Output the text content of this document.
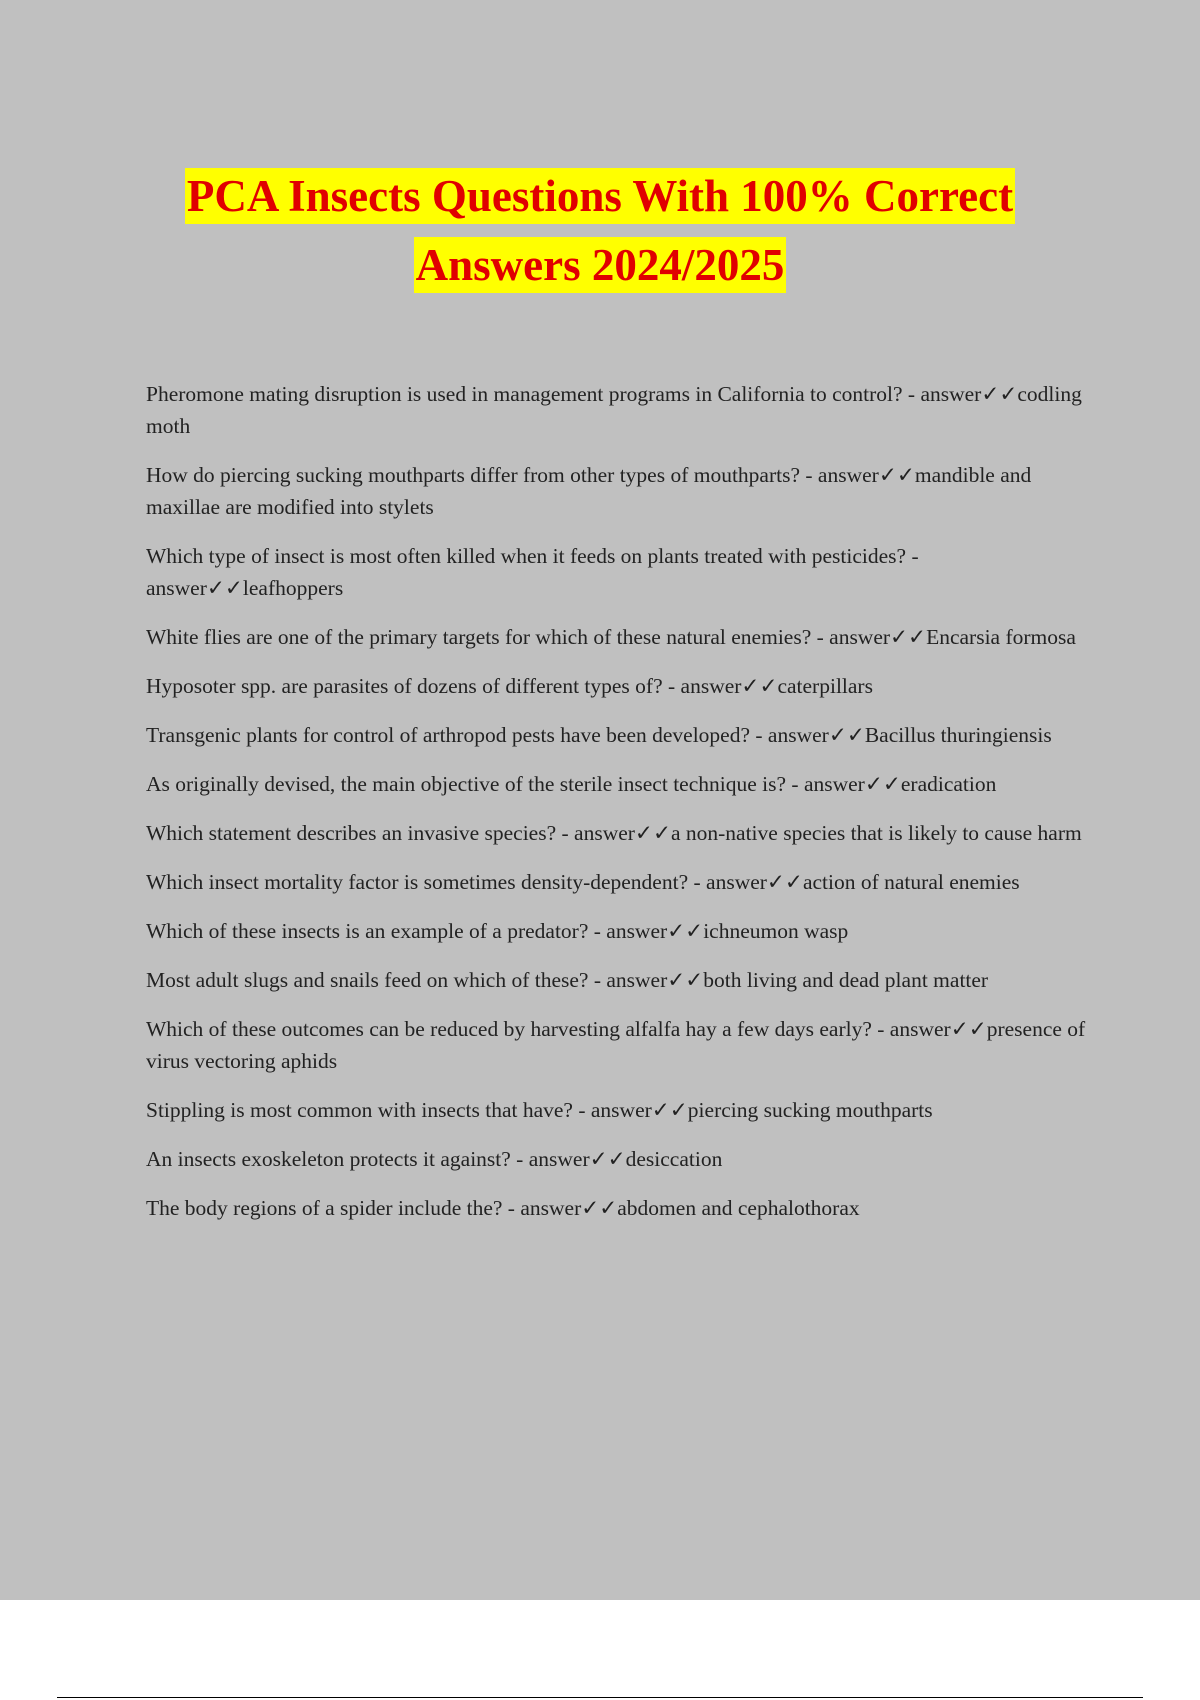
PCA Insects Questions With 100% Correct
Answers 2024/2025

Pheromone mating disruption is used in management programs in California to control? - answer✓✓codling moth

How do piercing sucking mouthparts differ from other types of mouthparts? - answer✓✓mandible and maxillae are modified into stylets

Which type of insect is most often killed when it feeds on plants treated with pesticides? - answer✓✓leafhoppers

White flies are one of the primary targets for which of these natural enemies? - answer✓✓Encarsia formosa

Hyposoter spp. are parasites of dozens of different types of? - answer✓✓caterpillars

Transgenic plants for control of arthropod pests have been developed? - answer✓✓Bacillus thuringiensis

As originally devised, the main objective of the sterile insect technique is? - answer✓✓eradication

Which statement describes an invasive species? - answer✓✓a non-native species that is likely to cause harm

Which insect mortality factor is sometimes density-dependent? - answer✓✓action of natural enemies

Which of these insects is an example of a predator? - answer✓✓ichneumon wasp

Most adult slugs and snails feed on which of these? - answer✓✓both living and dead plant matter

Which of these outcomes can be reduced by harvesting alfalfa hay a few days early? - answer✓✓presence of virus vectoring aphids

Stippling is most common with insects that have? - answer✓✓piercing sucking mouthparts

An insects exoskeleton protects it against? - answer✓✓desiccation

The body regions of a spider include the? - answer✓✓abdomen and cephalothorax
